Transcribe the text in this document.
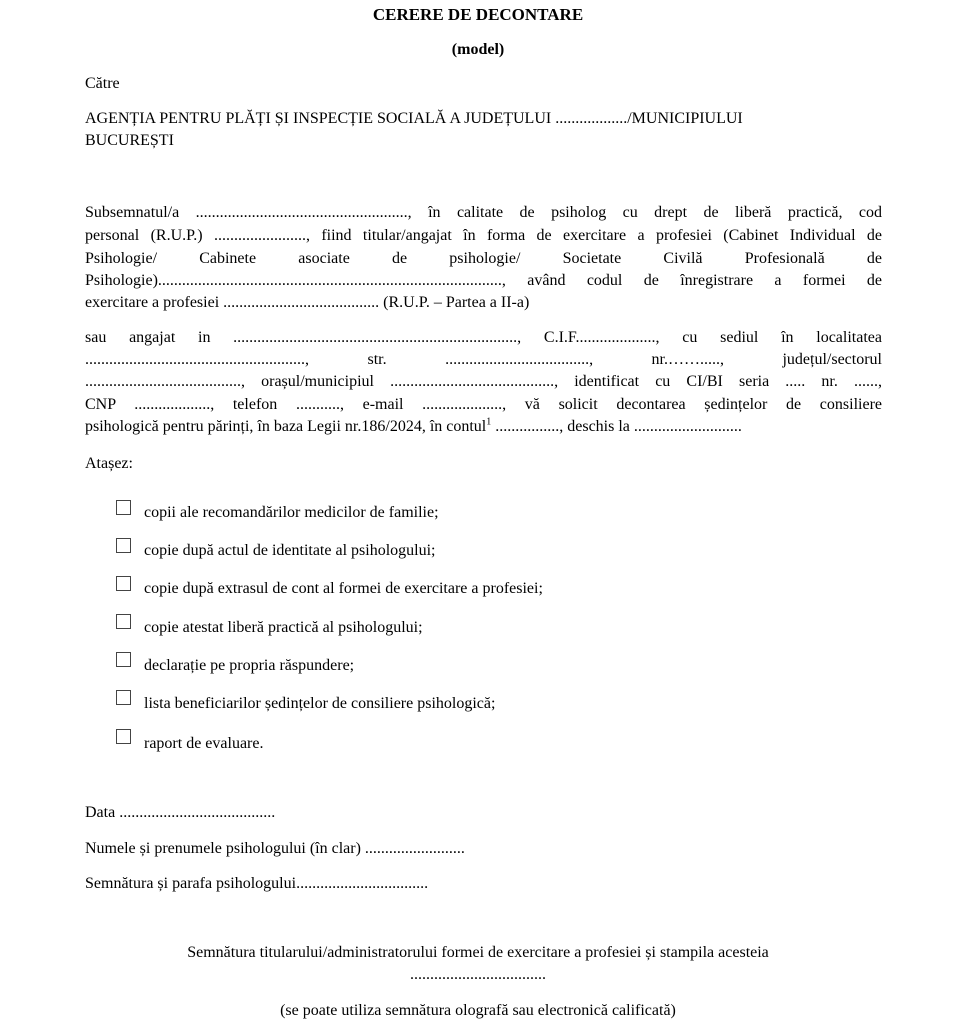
CERERE DE DECONTARE
(model)
Către
AGENȚIA PENTRU PLĂȚI ȘI INSPECȚIE SOCIALĂ A JUDEȚULUI ................../MUNICIPIULUI
BUCUREȘTI
Subsemnatul/a ....................................................., în calitate de psiholog cu drept de liberă practică, cod
personal (R.U.P.) ......................., fiind titular/angajat în forma de exercitare a profesiei (Cabinet Individual de
Psihologie/ Cabinete asociate de psihologie/ Societate Civilă Profesională de
Psihologie)......................................................................................, având codul de înregistrare a formei de
exercitare a profesiei ....................................... (R.U.P. – Partea a II-a)
sau angajat in ......................................................................., C.I.F...................., cu sediul în localitatea
......................................................., str. ...................................., nr.……....., județul/sectorul
......................................., orașul/municipiul ........................................., identificat cu CI/BI seria ..... nr. ......,
CNP ..................., telefon ..........., e-mail ...................., vă solicit decontarea ședințelor de consiliere
psihologică pentru părinți, în baza Legii nr.186/2024, în contul$^1$ ................, deschis la ...........................
Atașez:
copii ale recomandărilor medicilor de familie;
copie după actul de identitate al psihologului;
copie după extrasul de cont al formei de exercitare a profesiei;
copie atestat liberă practică al psihologului;
declarație pe propria răspundere;
lista beneficiarilor ședințelor de consiliere psihologică;
raport de evaluare.
Data .......................................
Numele și prenumele psihologului (în clar) .........................
Semnătura și parafa psihologului.................................
Semnătura titularului/administratorului formei de exercitare a profesiei și stampila acesteia
..................................
(se poate utiliza semnătura olografă sau electronică calificată)
